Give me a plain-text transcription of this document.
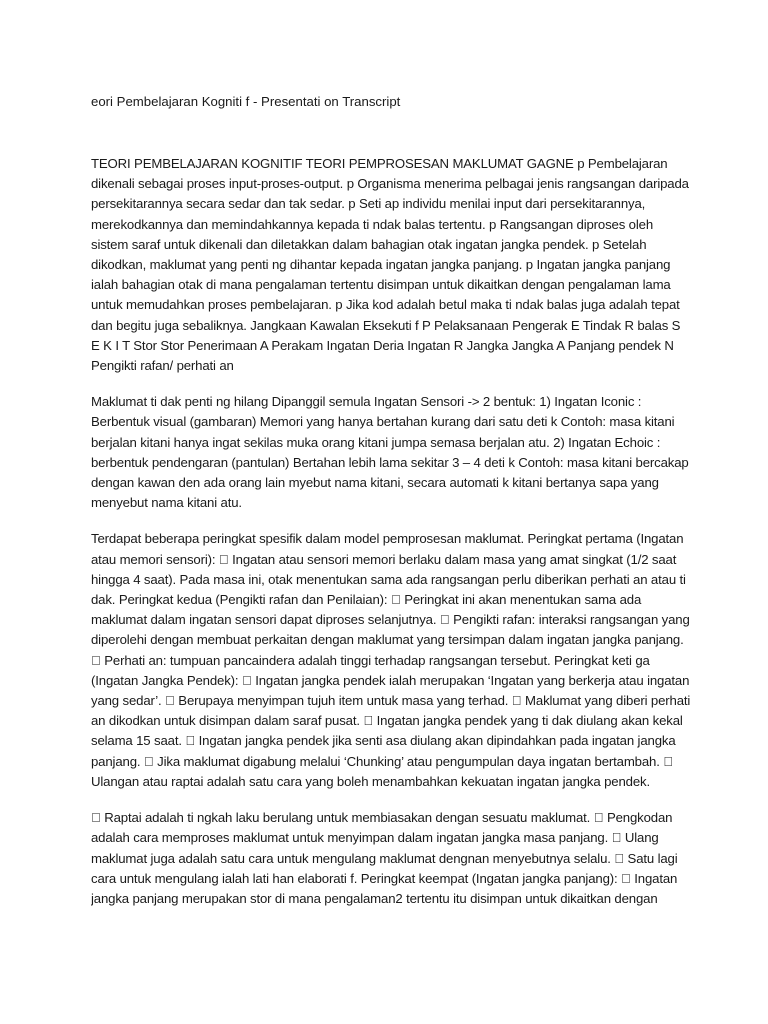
eori Pembelajaran Kogniti f - Presentati on Transcript

TEORI PEMBELAJARAN KOGNITIF TEORI PEMPROSESAN MAKLUMAT GAGNE p Pembelajaran dikenali sebagai proses input-proses-output. p Organisma menerima pelbagai jenis rangsangan daripada persekitarannya secara sedar dan tak sedar. p Seti ap individu menilai input dari persekitarannya, merekodkannya dan memindahkannya kepada ti ndak balas tertentu. p Rangsangan diproses oleh sistem saraf untuk dikenali dan diletakkan dalam bahagian otak ingatan jangka pendek. p Setelah dikodkan, maklumat yang penti ng dihantar kepada ingatan jangka panjang. p Ingatan jangka panjang ialah bahagian otak di mana pengalaman tertentu disimpan untuk dikaitkan dengan pengalaman lama untuk memudahkan proses pembelajaran. p Jika kod adalah betul maka ti ndak balas juga adalah tepat dan begitu juga sebaliknya. Jangkaan Kawalan Eksekuti f P Pelaksanaan Pengerak E Tindak R balas S E K I T Stor Stor Penerimaan A Perakam Ingatan Deria Ingatan R Jangka Jangka A Panjang pendek N Pengikti rafan/ perhati an

Maklumat ti dak penti ng hilang Dipanggil semula Ingatan Sensori -> 2 bentuk: 1) Ingatan Iconic : Berbentuk visual (gambaran) Memori yang hanya bertahan kurang dari satu deti k Contoh: masa kitani berjalan kitani hanya ingat sekilas muka orang kitani jumpa semasa berjalan atu. 2) Ingatan Echoic : berbentuk pendengaran (pantulan) Bertahan lebih lama sekitar 3 – 4 deti k Contoh: masa kitani bercakap dengan kawan den ada orang lain myebut nama kitani, secara automati k kitani bertanya sapa yang menyebut nama kitani atu.

Terdapat beberapa peringkat spesifik dalam model pemprosesan maklumat. Peringkat pertama (Ingatan atau memori sensori): ￿ Ingatan atau sensori memori berlaku dalam masa yang amat singkat (1/2 saat hingga 4 saat). Pada masa ini, otak menentukan sama ada rangsangan perlu diberikan perhati an atau ti dak. Peringkat kedua (Pengikti rafan dan Penilaian): ￿ Peringkat ini akan menentukan sama ada maklumat dalam ingatan sensori dapat diproses selanjutnya. ￿ Pengikti rafan: interaksi rangsangan yang diperolehi dengan membuat perkaitan dengan maklumat yang tersimpan dalam ingatan jangka panjang. ￿ Perhati an: tumpuan pancaindera adalah tinggi terhadap rangsangan tersebut. Peringkat keti ga (Ingatan Jangka Pendek): ￿ Ingatan jangka pendek ialah merupakan ‘Ingatan yang berkerja atau ingatan yang sedar’. ￿ Berupaya menyimpan tujuh item untuk masa yang terhad. ￿ Maklumat yang diberi perhati an dikodkan untuk disimpan dalam saraf pusat. ￿ Ingatan jangka pendek yang ti dak diulang akan kekal selama 15 saat. ￿ Ingatan jangka pendek jika senti asa diulang akan dipindahkan pada ingatan jangka panjang. ￿ Jika maklumat digabung melalui ‘Chunking’ atau pengumpulan daya ingatan bertambah. ￿ Ulangan atau raptai adalah satu cara yang boleh menambahkan kekuatan ingatan jangka pendek.

￿ Raptai adalah ti ngkah laku berulang untuk membiasakan dengan sesuatu maklumat. ￿ Pengkodan adalah cara memproses maklumat untuk menyimpan dalam ingatan jangka masa panjang. ￿ Ulang maklumat juga adalah satu cara untuk mengulang maklumat dengnan menyebutnya selalu. ￿ Satu lagi cara untuk mengulang ialah lati han elaborati f. Peringkat keempat (Ingatan jangka panjang): ￿ Ingatan jangka panjang merupakan stor di mana pengalaman2 tertentu itu disimpan untuk dikaitkan dengan
